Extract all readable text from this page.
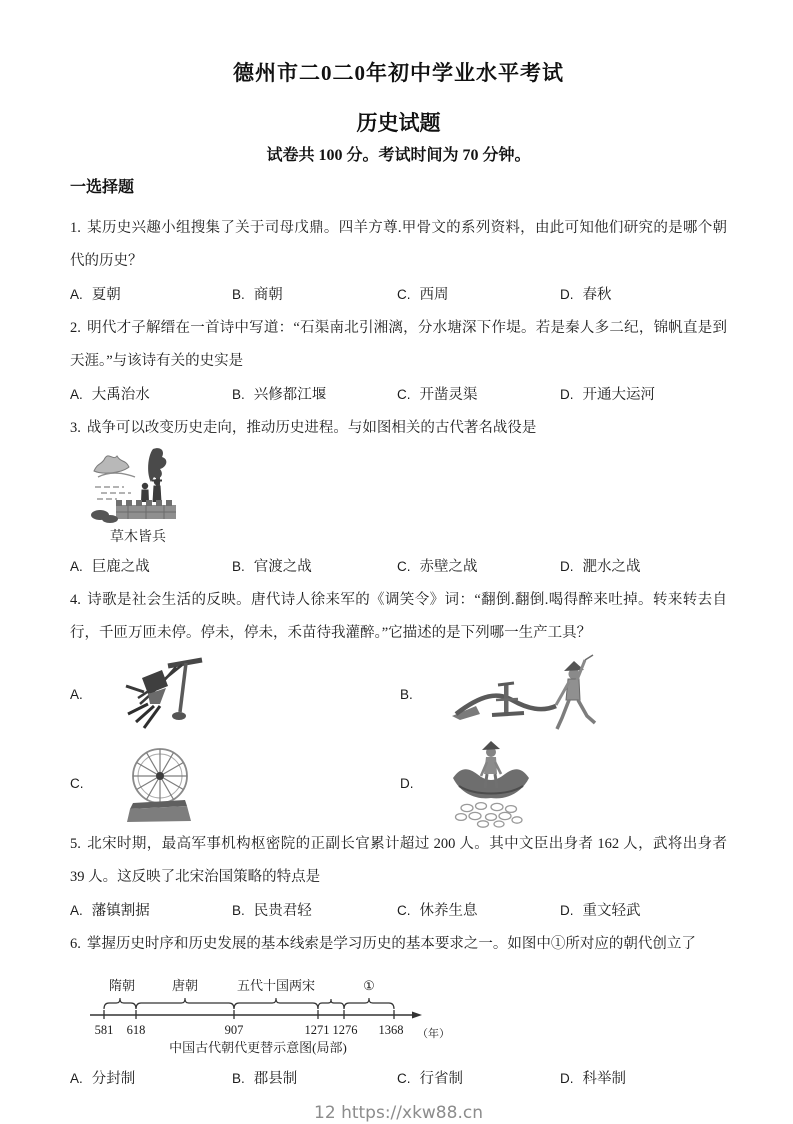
德州市二0二0年初中学业水平考试
历史试题

试卷共 100 分。考试时间为 70 分钟。

一选择题

1. 某历史兴趣小组搜集了关于司母戊鼎。四羊方尊.甲骨文的系列资料，由此可知他们研究的是哪个朝代的历史？

A. 夏朝	B. 商朝	C. 西周	D. 春秋

2. 明代才子解缙在一首诗中写道：“石渠南北引湘漓，分水塘深下作堤。若是秦人多二纪，锦帆直是到天涯。”与该诗有关的史实是

A. 大禹治水	B. 兴修都江堰	C. 开凿灵渠	D. 开通大运河

3. 战争可以改变历史走向，推动历史进程。与如图相关的古代著名战役是

草木皆兵
A. 巨鹿之战	B. 官渡之战	C. 赤壁之战	D. 淝水之战

4. 诗歌是社会生活的反映。唐代诗人徐来军的《调笑令》词：“翻倒.翻倒.喝得醉来吐掉。转来转去自行，千匝万匝未停。停未，停未，禾苗待我灌醉。”它描述的是下列哪一生产工具？

A.	B.
C.	D.

5. 北宋时期，最高军事机构枢密院的正副长官累计超过 200 人。其中文臣出身者 162 人，武将出身者 39 人。这反映了北宋治国策略的特点是

A. 藩镇割据	B. 民贵君轻	C. 休养生息	D. 重文轻武

6. 掌握历史时序和历史发展的基本线索是学习历史的基本要求之一。如图中①所对应的朝代创立了

隋朝	唐朝	五代十国两宋	①
581 618	907	1271 1276 1368 （年）
中国古代朝代更替示意图(局部)
A. 分封制	B. 郡县制	C. 行省制	D. 科举制
12 https://xkw88.cn
